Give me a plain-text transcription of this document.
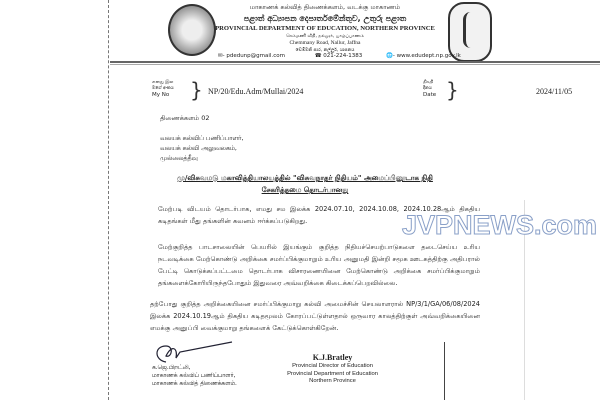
மாகாணக் கல்வித் திணைக்களம், வடக்கு மாகாணம்
පළාත් අධ්‍යාපන දෙපාර්තමේන්තුව, උතුරු පළාත
PROVINCIAL DEPARTMENT OF EDUCATION, NORTHERN PROVINCE
செம்மணி வீதி, நல்லூர், யாழ்ப்பாணம்
Chemmany Road, Nallur, Jaffna
චෙම්මනි පාර, නල්ලූර්, යාපනය
✉- pdedunp@gmail.com	☎ 021-224-1383	🌐- www.edudept.np.gov.lk
எனது இல
මගේ අංකය
My No } NP/20/Edu.Adm/Mullai/2024
திகதி
දිනය
Date }	2024/11/05
திணைக்களம் 02
வலயக் கல்விப் பணிப்பாளர்,
வலயக் கல்வி அலுவலகம்,
முல்லைத்தீவு
மு/விசுவமடு மகாவித்தியாலயத்தில் "விசுவநாதர் நிதியம்" அமைப்பினூடாக நிதி
சேகரித்தமை தொடர்பானது
JVPNEWS.com
மேற்படி விடயம் தொடர்பாக, எமது சம இலக்க 2024.07.10, 2024.10.08, 2024.10.28ஆம் திகதிய கடிதங்கள் மீது தங்களின் கவனம் ஈர்க்கப்படுகிறது.
மேற்குறித்த பாடசாலையின் பெயரில் இயங்கும் குறித்த நிதியச்செயற்பாடுகளை தடைசெய்ய உரிய நடவடிக்கை மேற்கொண்டு அறிக்கை சமர்ப்பிக்குமாறும் உரிய அனுமதி இன்றி சமூக ஊடகத்திற்கு அதிபரால் பேட்டி கொடுக்கப்பட்டமை தொடர்பாக விசாரணையினை மேற்கொண்டு அறிக்கை சமர்ப்பிக்குமாறும் தங்களைக்கோரியிருந்தபோதும் இதுவரை அவ்வறிக்கை கிடைக்கப்பெறவில்லை.
தற்போது குறித்த அறிக்கையினை சமர்ப்பிக்குமாறு கல்வி அமைச்சின் செயலாளரால் NP/3/1/GA/06/08/2024 இலக்க 2024.10.19ஆம் திகதிய கடிதமூலம் கோரப்பட்டுள்ளதால் ஒருவார காலத்திற்குள் அவ்வறிக்கையினை எமக்கு அனுப்பி வைக்குமாறு தங்களைக் கேட்டுக்கொள்கிறேன்.
க.ஜெ.பிறட்லி,
மாகாணக் கல்விப் பணிப்பாளர்,
மாகாணக் கல்வித் திணைக்களம்.
K.J.Bratley
Provincial Director of Education
Provincial Department of Education
Northern Province
